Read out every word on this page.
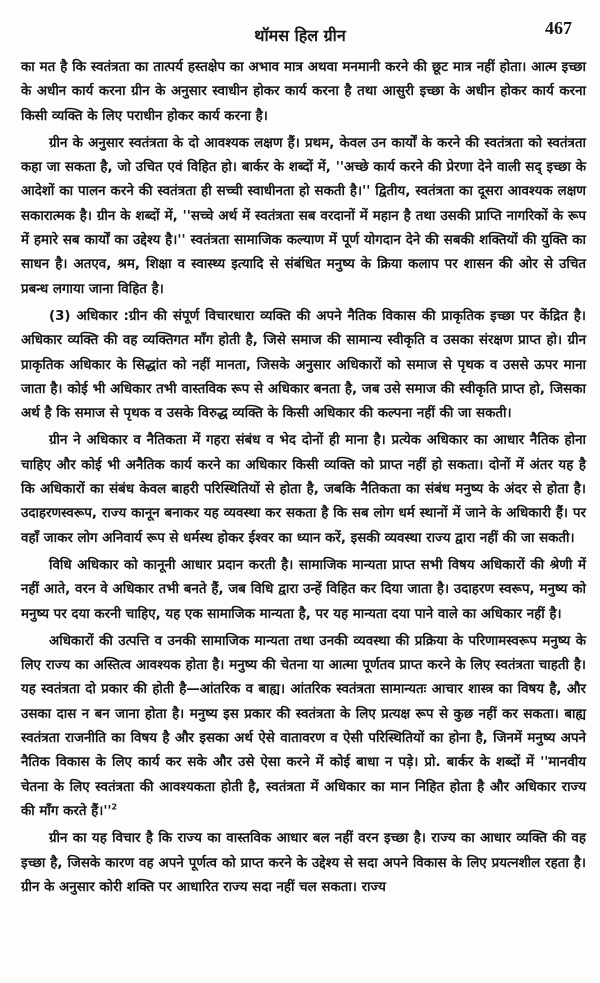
थॉमस हिल ग्रीन	467

का मत है कि स्वतंत्रता का तात्पर्य हस्तक्षेप का अभाव मात्र अथवा मनमानी करने की छूट मात्र नहीं होता। आत्म इच्छा के अधीन कार्य करना ग्रीन के अनुसार स्वाधीन होकर कार्य करना है तथा आसुरी इच्छा के अधीन होकर कार्य करना किसी व्यक्ति के लिए पराधीन होकर कार्य करना है।

ग्रीन के अनुसार स्वतंत्रता के दो आवश्यक लक्षण हैं। प्रथम, केवल उन कार्यों के करने की स्वतंत्रता को स्वतंत्रता कहा जा सकता है, जो उचित एवं विहित हो। बार्कर के शब्दों में, ''अच्छे कार्य करने की प्रेरणा देने वाली सद् इच्छा के आदेशों का पालन करने की स्वतंत्रता ही सच्ची स्वाधीनता हो सकती है।'' द्वितीय, स्वतंत्रता का दूसरा आवश्यक लक्षण सकारात्मक है। ग्रीन के शब्दों में, ''सच्चे अर्थ में स्वतंत्रता सब वरदानों में महान है तथा उसकी प्राप्ति नागरिकों के रूप में हमारे सब कार्यों का उद्देश्य है।'' स्वतंत्रता सामाजिक कल्याण में पूर्ण योगदान देने की सबकी शक्तियों की युक्ति का साधन है। अतएव, श्रम, शिक्षा व स्वास्थ्य इत्यादि से संबंधित मनुष्य के क्रिया कलाप पर शासन की ओर से उचित प्रबन्ध लगाया जाना विहित है।

(3) अधिकार :ग्रीन की संपूर्ण विचारधारा व्यक्ति की अपने नैतिक विकास की प्राकृतिक इच्छा पर केंद्रित है। अधिकार व्यक्ति की वह व्यक्तिगत माँग होती है, जिसे समाज की सामान्य स्वीकृति व उसका संरक्षण प्राप्त हो। ग्रीन प्राकृतिक अधिकार के सिद्धांत को नहीं मानता, जिसके अनुसार अधिकारों को समाज से पृथक व उससे ऊपर माना जाता है। कोई भी अधिकार तभी वास्तविक रूप से अधिकार बनता है, जब उसे समाज की स्वीकृति प्राप्त हो, जिसका अर्थ है कि समाज से पृथक व उसके विरुद्ध व्यक्ति के किसी अधिकार की कल्पना नहीं की जा सकती।

ग्रीन ने अधिकार व नैतिकता में गहरा संबंध व भेद दोनों ही माना है। प्रत्येक अधिकार का आधार नैतिक होना चाहिए और कोई भी अनैतिक कार्य करने का अधिकार किसी व्यक्ति को प्राप्त नहीं हो सकता। दोनों में अंतर यह है कि अधिकारों का संबंध केवल बाहरी परिस्थितियों से होता है, जबकि नैतिकता का संबंध मनुष्य के अंदर से होता है। उदाहरणस्वरूप, राज्य कानून बनाकर यह व्यवस्था कर सकता है कि सब लोग धर्म स्थानों में जाने के अधिकारी हैं। पर वहाँ जाकर लोग अनिवार्य रूप से धर्मस्थ होकर ईश्वर का ध्यान करें, इसकी व्यवस्था राज्य द्वारा नहीं की जा सकती।

विधि अधिकार को कानूनी आधार प्रदान करती है। सामाजिक मान्यता प्राप्त सभी विषय अधिकारों की श्रेणी में नहीं आते, वरन वे अधिकार तभी बनते हैं, जब विधि द्वारा उन्हें विहित कर दिया जाता है। उदाहरण स्वरूप, मनुष्य को मनुष्य पर दया करनी चाहिए, यह एक सामाजिक मान्यता है, पर यह मान्यता दया पाने वाले का अधिकार नहीं है।

अधिकारों की उत्पत्ति व उनकी सामाजिक मान्यता तथा उनकी व्यवस्था की प्रक्रिया के परिणामस्वरूप मनुष्य के लिए राज्य का अस्तित्व आवश्यक होता है। मनुष्य की चेतना या आत्मा पूर्णतव प्राप्त करने के लिए स्वतंत्रता चाहती है। यह स्वतंत्रता दो प्रकार की होती है—आंतरिक व बाह्य। आंतरिक स्वतंत्रता सामान्यतः आचार शास्त्र का विषय है, और उसका दास न बन जाना होता है। मनुष्य इस प्रकार की स्वतंत्रता के लिए प्रत्यक्ष रूप से कुछ नहीं कर सकता। बाह्य स्वतंत्रता राजनीति का विषय है और इसका अर्थ ऐसे वातावरण व ऐसी परिस्थितियों का होना है, जिनमें मनुष्य अपने नैतिक विकास के लिए कार्य कर सके और उसे ऐसा करने में कोई बाधा न पड़े। प्रो. बार्कर के शब्दों में ''मानवीय चेतना के लिए स्वतंत्रता की आवश्यकता होती है, स्वतंत्रता में अधिकार का मान निहित होता है और अधिकार राज्य की माँग करते $हैं।''^2$

ग्रीन का यह विचार है कि राज्य का वास्तविक आधार बल नहीं वरन इच्छा है। राज्य का आधार व्यक्ति की वह इच्छा है, जिसके कारण वह अपने पूर्णत्व को प्राप्त करने के उद्देश्य से सदा अपने विकास के लिए प्रयत्नशील रहता है। ग्रीन के अनुसार कोरी शक्ति पर आधारित राज्य सदा नहीं चल सकता। राज्य
